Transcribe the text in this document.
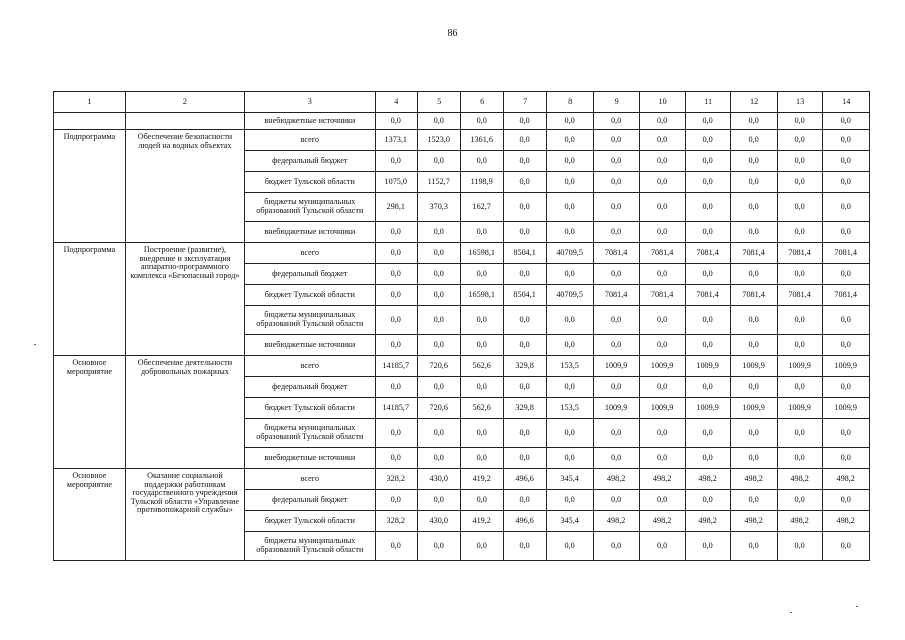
86
1	2	3	4	5	6	7	8	9	10	11	12	13	14
		внебюджетные источники	0,0	0,0	0,0	0,0	0,0	0,0	0,0	0,0	0,0	0,0	0,0
Подпрограмма	Обеспечение безопасности людей на водных объектах	всего	1373,1	1523,0	1361,6	0,0	0,0	0,0	0,0	0,0	0,0	0,0	0,0
		федеральный бюджет	0,0	0,0	0,0	0,0	0,0	0,0	0,0	0,0	0,0	0,0	0,0
		бюджет Тульской области	1075,0	1152,7	1198,9	0,0	0,0	0,0	0,0	0,0	0,0	0,0	0,0
		бюджеты муниципальных образований Тульской области	298,1	370,3	162,7	0,0	0,0	0,0	0,0	0,0	0,0	0,0	0,0
		внебюджетные источники	0,0	0,0	0,0	0,0	0,0	0,0	0,0	0,0	0,0	0,0	0,0
Подпрограмма	Построение (развитие), внедрение и эксплуатация аппаратно-программного комплекса «Безопасный город»	всего	0,0	0,0	16598,1	8504,1	40709,5	7081,4	7081,4	7081,4	7081,4	7081,4	7081,4
		федеральный бюджет	0,0	0,0	0,0	0,0	0,0	0,0	0,0	0,0	0,0	0,0	0,0
		бюджет Тульской области	0,0	0,0	16598,1	8504,1	40709,5	7081,4	7081,4	7081,4	7081,4	7081,4	7081,4
		бюджеты муниципальных образований Тульской области	0,0	0,0	0,0	0,0	0,0	0,0	0,0	0,0	0,0	0,0	0,0
		внебюджетные источники	0,0	0,0	0,0	0,0	0,0	0,0	0,0	0,0	0,0	0,0	0,0
Основное мероприятие	Обеспечение деятельности добровольных пожарных	всего	14185,7	720,6	562,6	329,8	153,5	1009,9	1009,9	1009,9	1009,9	1009,9	1009,9
		федеральный бюджет	0,0	0,0	0,0	0,0	0,0	0,0	0,0	0,0	0,0	0,0	0,0
		бюджет Тульской области	14185,7	720,6	562,6	329,8	153,5	1009,9	1009,9	1009,9	1009,9	1009,9	1009,9
		бюджеты муниципальных образований Тульской области	0,0	0,0	0,0	0,0	0,0	0,0	0,0	0,0	0,0	0,0	0,0
		внебюджетные источники	0,0	0,0	0,0	0,0	0,0	0,0	0,0	0,0	0,0	0,0	0,0
Основное мероприятие	Оказание социальной поддержки работникам государственного учреждения Тульской области «Управление противопожарной службы»	всего	328,2	430,0	419,2	496,6	345,4	498,2	498,2	498,2	498,2	498,2	498,2
		федеральный бюджет	0,0	0,0	0,0	0,0	0,0	0,0	0,0	0,0	0,0	0,0	0,0
		бюджет Тульской области	328,2	430,0	419,2	496,6	345,4	498,2	498,2	498,2	498,2	498,2	498,2
		бюджеты муниципальных образований Тульской области	0,0	0,0	0,0	0,0	0,0	0,0	0,0	0,0	0,0	0,0	0,0
